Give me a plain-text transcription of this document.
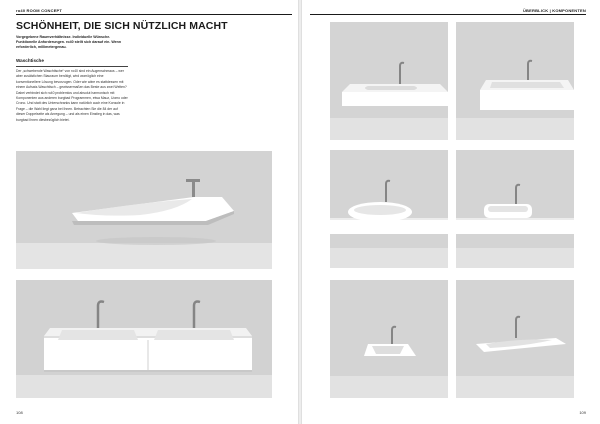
ro40 ROOM CONCEPT
SCHÖNHEIT, DIE SICH NÜTZLICH MACHT
Vorgegebene Raumverhältnisse. Individuelle Wünsche. Funktionelle Anforderungen. ro40 stellt sich darauf ein. Wenn erforderlich, millimetergenau.
Waschtische
Der „schwebende Waschtische“ von ro40 sind ein Augenschmaus – wer aber zusätzlichen Stauraum benötigt, wird womöglich eine konventionellere Lösung bevorzugen. Oder wie wäre es stattdessen mit einem Aufsatz-Waschtisch – gewissermaßen das Beste aus zwei Welten? Dabei verbindet sich ro40 problemlos und absolut harmonisch mit Komponenten aus anderen burgbad Programmen, etwa Mauz, Uomo oder Crono. Und statt des Unterschranks kann natürlich auch eine Konsole in Frage – die Wahl liegt ganz bei Ihnen. Betrachten Sie die 84 der auf dieser Doppelseite als Anregung – und als einen Einstieg in das, was burgbad Ihnen diesbezüglich bietet.
108
ÜBERBLICK | KOMPONENTEN
109
